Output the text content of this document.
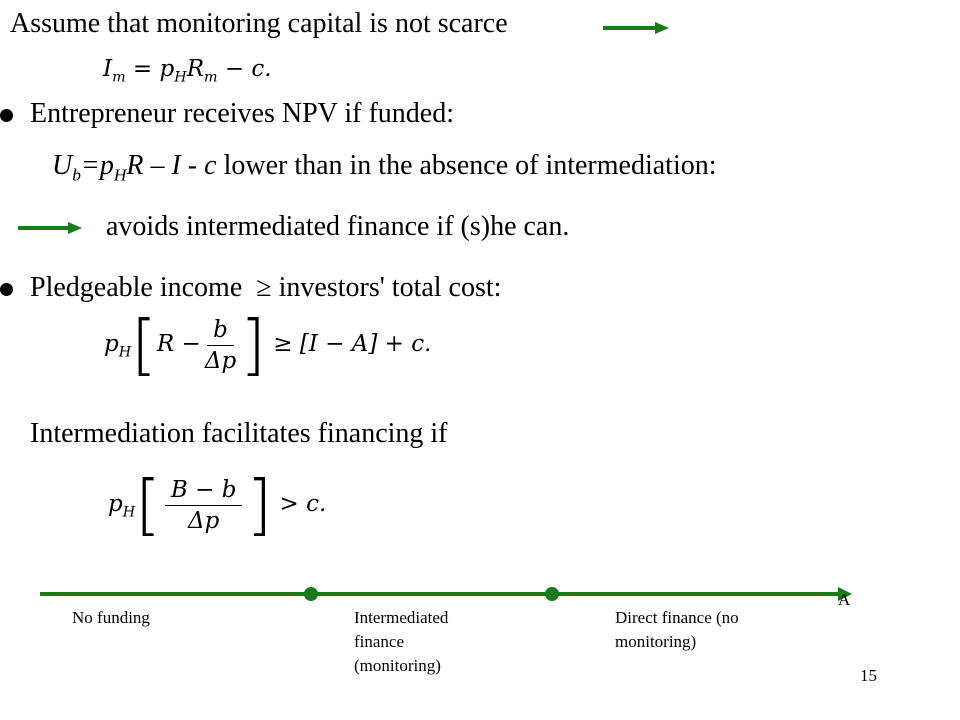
Assume that monitoring capital is not scarce
$I_m = p_HR_m - c$.
Entrepreneur receives NPV if funded:
$U_b=p_HR - I - c$ lower than in the absence of intermediation:
avoids intermediated finance if (s)he can.
Pledgeable income ≥ investors' total cost:
$p_H[R - \frac{b}{\Delta p}$ ] ≥ [I − A] + c.
Intermediation facilitates financing if
$p_H[ \frac{B - b}{\Delta p}$ ] > c.
A
No funding	Intermediated finance (monitoring)
Direct finance (no monitoring)
15
